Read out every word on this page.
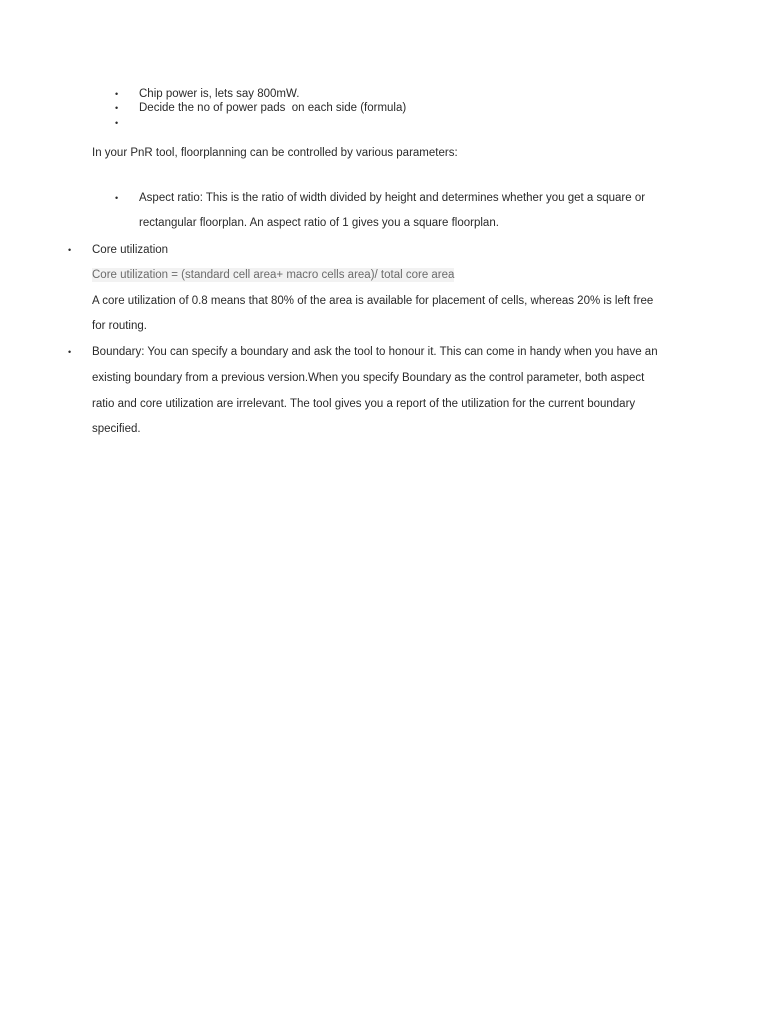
• Chip power is, lets say 800mW.
• Decide the no of power pads  on each side (formula)
•
In your PnR tool, floorplanning can be controlled by various parameters:
• Aspect ratio: This is the ratio of width divided by height and determines whether you get a square or
rectangular floorplan. An aspect ratio of 1 gives you a square floorplan.
• Core utilization
Core utilization = (standard cell area+ macro cells area)/ total core area
A core utilization of 0.8 means that 80% of the area is available for placement of cells, whereas 20% is left free
for routing.
• Boundary: You can specify a boundary and ask the tool to honour it. This can come in handy when you have an
existing boundary from a previous version.When you specify Boundary as the control parameter, both aspect
ratio and core utilization are irrelevant. The tool gives you a report of the utilization for the current boundary
specified.
